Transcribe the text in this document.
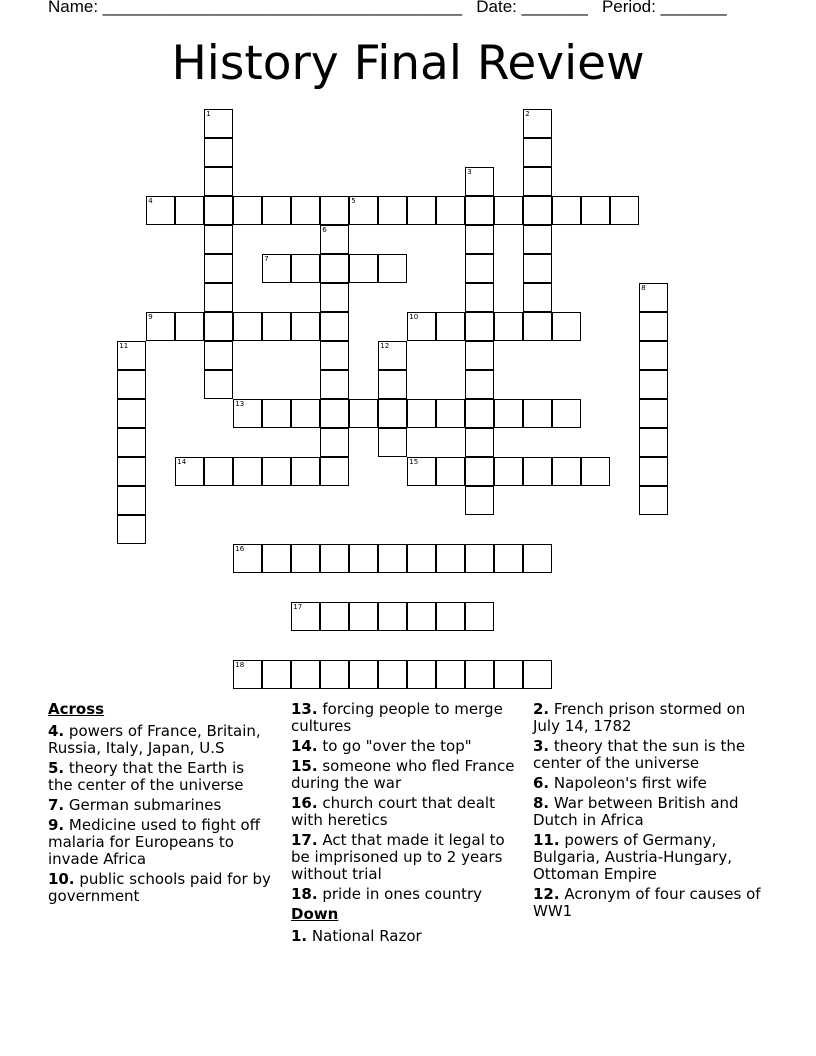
Name: ______________________________________ Date: _______ Period: _______
History Final Review
1	2
3
4	5
6
7
8
9	10
11	12
13
14	15
16
17
18
Across
4. powers of France, Britain, Russia, Italy, Japan, U.S
5. theory that the Earth is the center of the universe
7. German submarines
9. Medicine used to fight off malaria for Europeans to invade Africa
10. public schools paid for by government
13. forcing people to merge cultures
14. to go "over the top"
15. someone who fled France during the war
16. church court that dealt with heretics
17. Act that made it legal to be imprisoned up to 2 years without trial
18. pride in ones country
Down
1. National Razor
2. French prison stormed on July 14, 1782
3. theory that the sun is the center of the universe
6. Napoleon's first wife
8. War between British and Dutch in Africa
11. powers of Germany, Bulgaria, Austria-Hungary, Ottoman Empire
12. Acronym of four causes of WW1
